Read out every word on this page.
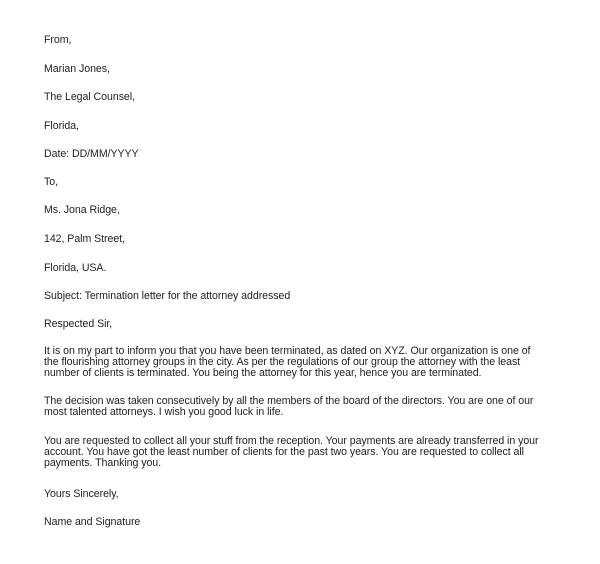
From,
Marian Jones,
The Legal Counsel,
Florida,
Date: DD/MM/YYYY
To,
Ms. Jona Ridge,
142, Palm Street,
Florida, USA.
Subject: Termination letter for the attorney addressed
Respected Sir,
It is on my part to inform you that you have been terminated, as dated on XYZ. Our organization is one of
the flourishing attorney groups in the city. As per the regulations of our group the attorney with the least
number of clients is terminated. You being the attorney for this year, hence you are terminated.
The decision was taken consecutively by all the members of the board of the directors. You are one of our
most talented attorneys. I wish you good luck in life.
You are requested to collect all your stuff from the reception. Your payments are already transferred in your
account. You have got the least number of clients for the past two years. You are requested to collect all
payments. Thanking you.
Yours Sincerely,
Name and Signature
